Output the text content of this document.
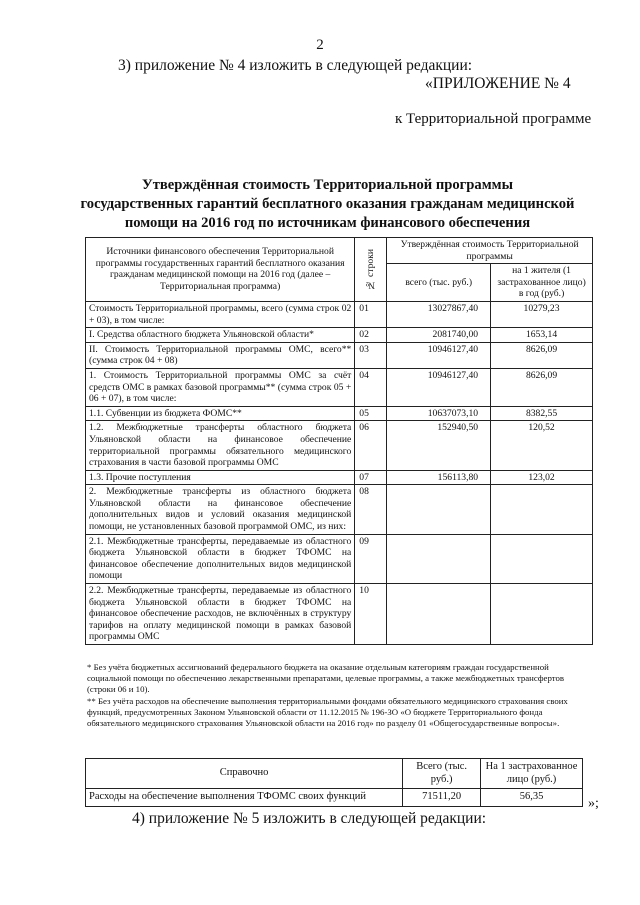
2
3) приложение № 4 изложить в следующей редакции:
«ПРИЛОЖЕНИЕ № 4
к Территориальной программе
Утверждённая стоимость Территориальной программы
государственных гарантий бесплатного оказания гражданам медицинской
помощи на 2016 год по источникам финансового обеспечения
Источники финансового обеспечения Территориальной программы государственных гарантий бесплатного оказания гражданам медицинской помощи на 2016 год (далее – Территориальная программа)	№ строки	Утверждённая стоимость Территориальной программы	
		всего (тыс. руб.)	на 1 жителя (1 застрахованное лицо) в год (руб.)
Стоимость Территориальной программы, всего (сумма строк 02 + 03), в том числе:	01	13027867,40	10279,23
I. Средства областного бюджета Ульяновской области*	02	2081740,00	1653,14
II. Стоимость Территориальной программы ОМС, всего** (сумма строк 04 + 08)	03	10946127,40	8626,09
1. Стоимость Территориальной программы ОМС за счёт средств ОМС в рамках базовой программы** (сумма строк 05 + 06 + 07), в том числе:	04	10946127,40	8626,09
1.1. Субвенции из бюджета ФОМС**	05	10637073,10	8382,55
1.2. Межбюджетные трансферты областного бюджета Ульяновской области на финансовое обеспечение территориальной программы обязательного медицинского страхования в части базовой программы ОМС	06	152940,50	120,52
1.3. Прочие поступления	07	156113,80	123,02
2. Межбюджетные трансферты из областного бюджета Ульяновской области на финансовое обеспечение дополнительных видов и условий оказания медицинской помощи, не установленных базовой программой ОМС, из них:	08		
2.1. Межбюджетные трансферты, передаваемые из областного бюджета Ульяновской области в бюджет ТФОМС на финансовое обеспечение дополнительных видов медицинской помощи	09		
2.2. Межбюджетные трансферты, передаваемые из областного бюджета Ульяновской области в бюджет ТФОМС на финансовое обеспечение расходов, не включённых в структуру тарифов на оплату медицинской помощи в рамках базовой программы ОМС	10		

* Без учёта бюджетных ассигнований федерального бюджета на оказание отдельным категориям граждан государственной социальной помощи по обеспечению лекарственными препаратами, целевые программы, а также межбюджетных трансфертов (строки 06 и 10).

** Без учёта расходов на обеспечение выполнения территориальными фондами обязательного медицинского страхования своих функций, предусмотренных Законом Ульяновской области от 11.12.2015 № 196-ЗО «О бюджете Территориального фонда обязательного медицинского страхования Ульяновской области на 2016 год» по разделу 01 «Общегосударственные вопросы».

Справочно	Всего (тыс. руб.)	На 1 застрахованное лицо (руб.)
Расходы на обеспечение выполнения ТФОМС своих функций	71511,20	56,35	»;
4) приложение № 5 изложить в следующей редакции:
